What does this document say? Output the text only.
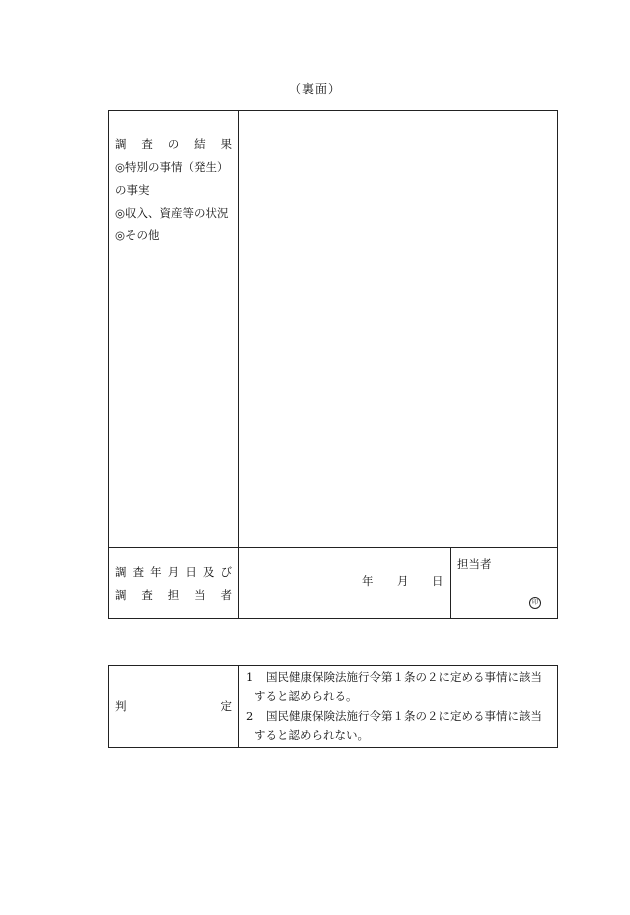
（裏面）
調 査 の 結 果
◎特別の事情（発生）
の事実
◎収入、資産等の状況
◎その他
調 査 年 月 日 及 び
調 査 担 当 者
年 月 日
担当者
印
判	定
1 国民健康保険法施行令第１条の２に定める事情に該当
すると認められる。
2 国民健康保険法施行令第１条の２に定める事情に該当
すると認められない。
